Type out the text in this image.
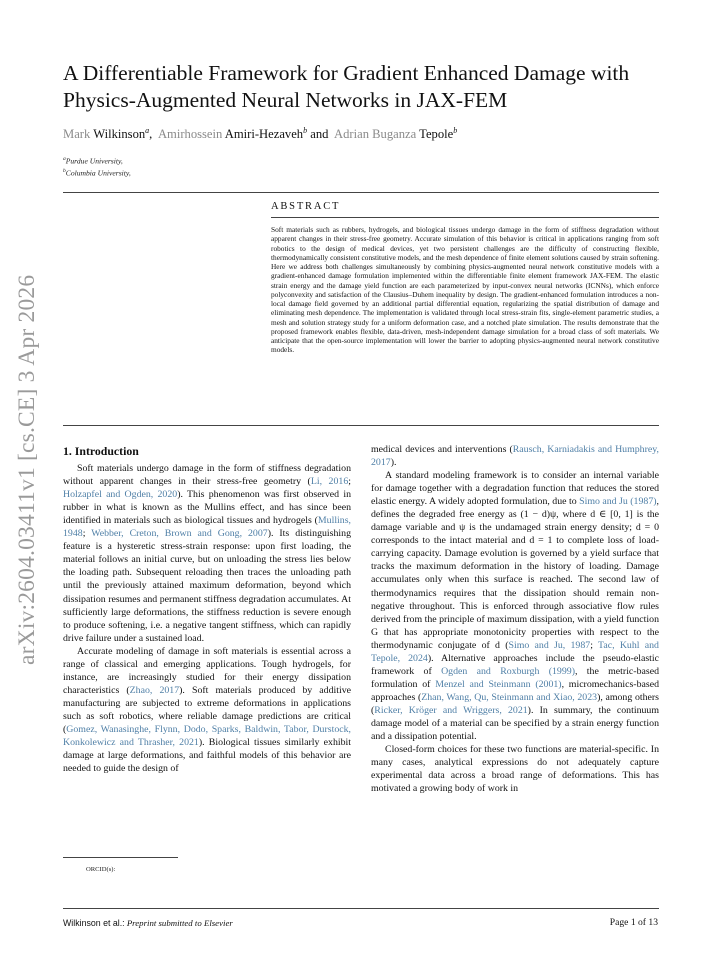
arXiv:2604.03411v1 [cs.CE] 3 Apr 2026
A Differentiable Framework for Gradient Enhanced Damage with Physics-Augmented Neural Networks in JAX-FEM
Mark Wilkinson$^a$,  Amirhossein Amiri-Hezaveh$^b$ and  Adrian Buganza Tepole$^b$
$^a$Purdue University,
$^b$Columbia University,
ABSTRACT
Soft materials such as rubbers, hydrogels, and biological tissues undergo damage in the form of stiffness degradation without apparent changes in their stress-free geometry. Accurate simulation of this behavior is critical in applications ranging from soft robotics to the design of medical devices, yet two persistent challenges are the difficulty of constructing flexible, thermodynamically consistent constitutive models, and the mesh dependence of finite element solutions caused by strain softening. Here we address both challenges simultaneously by combining physics-augmented neural network constitutive models with a gradient-enhanced damage formulation implemented within the differentiable finite element framework JAX-FEM. The elastic strain energy and the damage yield function are each parameterized by input-convex neural networks (ICNNs), which enforce polyconvexity and satisfaction of the Clausius–Duhem inequality by design. The gradient-enhanced formulation introduces a non-local damage field governed by an additional partial differential equation, regularizing the spatial distribution of damage and eliminating mesh dependence. The implementation is validated through local stress-strain fits, single-element parametric studies, a mesh and solution strategy study for a uniform deformation case, and a notched plate simulation. The results demonstrate that the proposed framework enables flexible, data-driven, mesh-independent damage simulation for a broad class of soft materials. We anticipate that the open-source implementation will lower the barrier to adopting physics-augmented neural network constitutive models.
1. Introduction

Soft materials undergo damage in the form of stiffness degradation without apparent changes in their stress-free geometry (Li, 2016; Holzapfel and Ogden, 2020). This phenomenon was first observed in rubber in what is known as the Mullins effect, and has since been identified in materials such as biological tissues and hydrogels (Mullins, 1948; Webber, Creton, Brown and Gong, 2007). Its distinguishing feature is a hysteretic stress-strain response: upon first loading, the material follows an initial curve, but on unloading the stress lies below the loading path. Subsequent reloading then traces the unloading path until the previously attained maximum deformation, beyond which dissipation resumes and permanent stiffness degradation accumulates. At sufficiently large deformations, the stiffness reduction is severe enough to produce softening, i.e. a negative tangent stiffness, which can rapidly drive failure under a sustained load.

Accurate modeling of damage in soft materials is essential across a range of classical and emerging applications. Tough hydrogels, for instance, are increasingly studied for their energy dissipation characteristics (Zhao, 2017). Soft materials produced by additive manufacturing are subjected to extreme deformations in applications such as soft robotics, where reliable damage predictions are critical (Gomez, Wanasinghe, Flynn, Dodo, Sparks, Baldwin, Tabor, Durstock, Konkolewicz and Thrasher, 2021). Biological tissues similarly exhibit damage at large deformations, and faithful models of this behavior are needed to guide the design of

medical devices and interventions (Rausch, Karniadakis and Humphrey, 2017).

A standard modeling framework is to consider an internal variable for damage together with a degradation function that reduces the stored elastic energy. A widely adopted formulation, due to Simo and Ju (1987), defines the degraded free energy as (1 − d)ψ, where d ∈ [0, 1] is the damage variable and ψ is the undamaged strain energy density; d = 0 corresponds to the intact material and d = 1 to complete loss of load-carrying capacity. Damage evolution is governed by a yield surface that tracks the maximum deformation in the history of loading. Damage accumulates only when this surface is reached. The second law of thermodynamics requires that the dissipation should remain non-negative throughout. This is enforced through associative flow rules derived from the principle of maximum dissipation, with a yield function G that has appropriate monotonicity properties with respect to the thermodynamic conjugate of d (Simo and Ju, 1987; Tac, Kuhl and Tepole, 2024). Alternative approaches include the pseudo-elastic framework of Ogden and Roxburgh (1999), the metric-based formulation of Menzel and Steinmann (2001), micromechanics-based approaches (Zhan, Wang, Qu, Steinmann and Xiao, 2023), among others (Ricker, Kröger and Wriggers, 2021). In summary, the continuum damage model of a material can be specified by a strain energy function and a dissipation potential.

Closed-form choices for these two functions are material-specific. In many cases, analytical expressions do not adequately capture experimental data across a broad range of deformations. This has motivated a growing body of work in

ORCID(s):
Wilkinson et al.: Preprint submitted to Elsevier	Page 1 of 13
